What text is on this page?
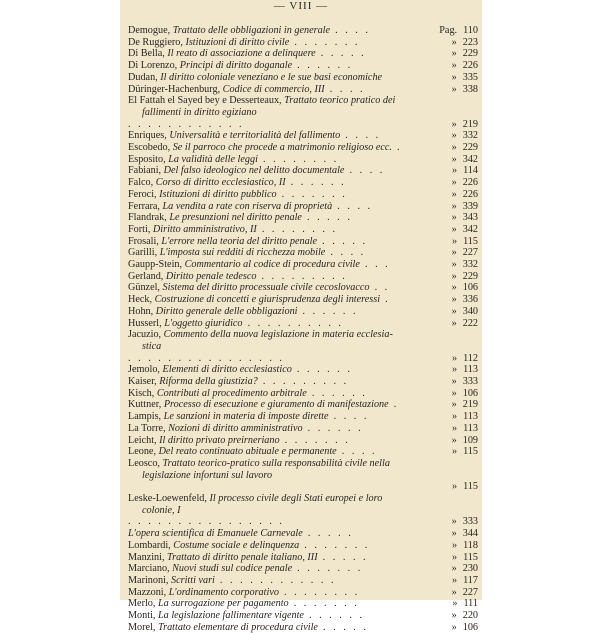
— VIII —
Demogue, Trattato delle obbligazioni in generale . . . .	Pag. 110
De Ruggiero, Istituzioni di diritto civile . . . . . . .	» 223
Di Bella, Il reato di associazione a delinquere . . . . .	» 229
Di Lorenzo, Principi di diritto doganale . . . . . .	» 226
Dudan, Il diritto coloniale veneziano e le sue basi economiche	» 335
Düringer-Hachenburg, Codice di commercio, III . . . .	» 338
El Fattah el Sayed bey e Desserteaux, Trattato teorico pratico dei
fallimenti in diritto egiziano
. . . . . . . . . . . .	» 219
Enriques, Universalità e territorialità del fallimento . . . .	» 332
Escobedo, Se il parroco che procede a matrimonio religioso ecc. .	» 229
Esposito, La validità delle leggi . . . . . . . .	» 342
Fabiani, Del falso ideologico nel delitto documentale . . . .	» 114
Falco, Corso di diritto ecclesiastico, II . . . . . .	» 226
Feroci, Istituzioni di diritto pubblico . . . . . . .	» 226
Ferrara, La vendita a rate con riserva di proprietà . . . .	» 339
Flandrak, Le presunzioni nel diritto penale . . . . .	» 343
Forti, Diritto amministrativo, II . . . . . . . .	» 342
Frosali, L'errore nella teoria del diritto penale . . . . .	» 115
Garilli, L'imposta sui redditi di ricchezza mobile . . . .	» 227
Gaupp-Stein, Commentario al codice di procedura civile . . .	» 332
Gerland, Diritto penale tedesco . . . . . . . . .	» 229
Günzel, Sistema del diritto processuale civile cecoslovacco . .	» 106
Heck, Costruzione di concetti e giurisprudenza degli interessi .	» 336
Hohn, Diritto generale delle obbligazioni . . . . . .	» 340
Husserl, L'oggetto giuridico . . . . . . . . . .	» 222
Jacuzio, Commento della nuova legislazione in materia ecclesia-
stica
. . . . . . . . . . . . . . . .	» 112
Jemolo, Elementi di diritto ecclesiastico . . . . . .	» 113
Kaiser, Riforma della giustizia? . . . . . . . . .	» 333
Kisch, Contributi al procedimento arbitrale . . . . . .	» 106
Kuttner, Processo di esecuzione e giuramento di manifestazione .	» 219
Lampis, Le sanzioni in materia di imposte dirette . . . .	» 113
La Torre, Nozioni di diritto amministrativo . . . . . .	» 113
Leicht, Il diritto privato preirneriano . . . . . . .	» 109
Leone, Del reato continuato abituale e permanente . . . .	» 115
Leosco, Trattato teorico-pratico sulla responsabilità civile nella
legislazione infortuni sul lavoro
» 115
Leske-Loewenfeld, Il processo civile degli Stati europei e loro
colonie, I
. . . . . . . . . . . . . . . .	» 333
L'opera scientifica di Emanuele Carnevale . . . . .	» 344
Lombardi, Costume sociale e delinquenza . . . . . . .	» 118
Manzini, Trattato di diritto penale italiano, III . . . . .	» 115
Marciano, Nuovi studi sul codice penale . . . . . . .	» 230
Marinoni, Scritti vari . . . . . . . . . . . .	» 117
Mazzoni, L'ordinamento corporativo . . . . . . . .	» 227
Merlo, La surrogazione per pagamento . . . . . . .	» 111
Monti, La legislazione fallimentare vigente . . . . . .	» 220
Morel, Trattato elementare di procedura civile . . . . .	» 106
